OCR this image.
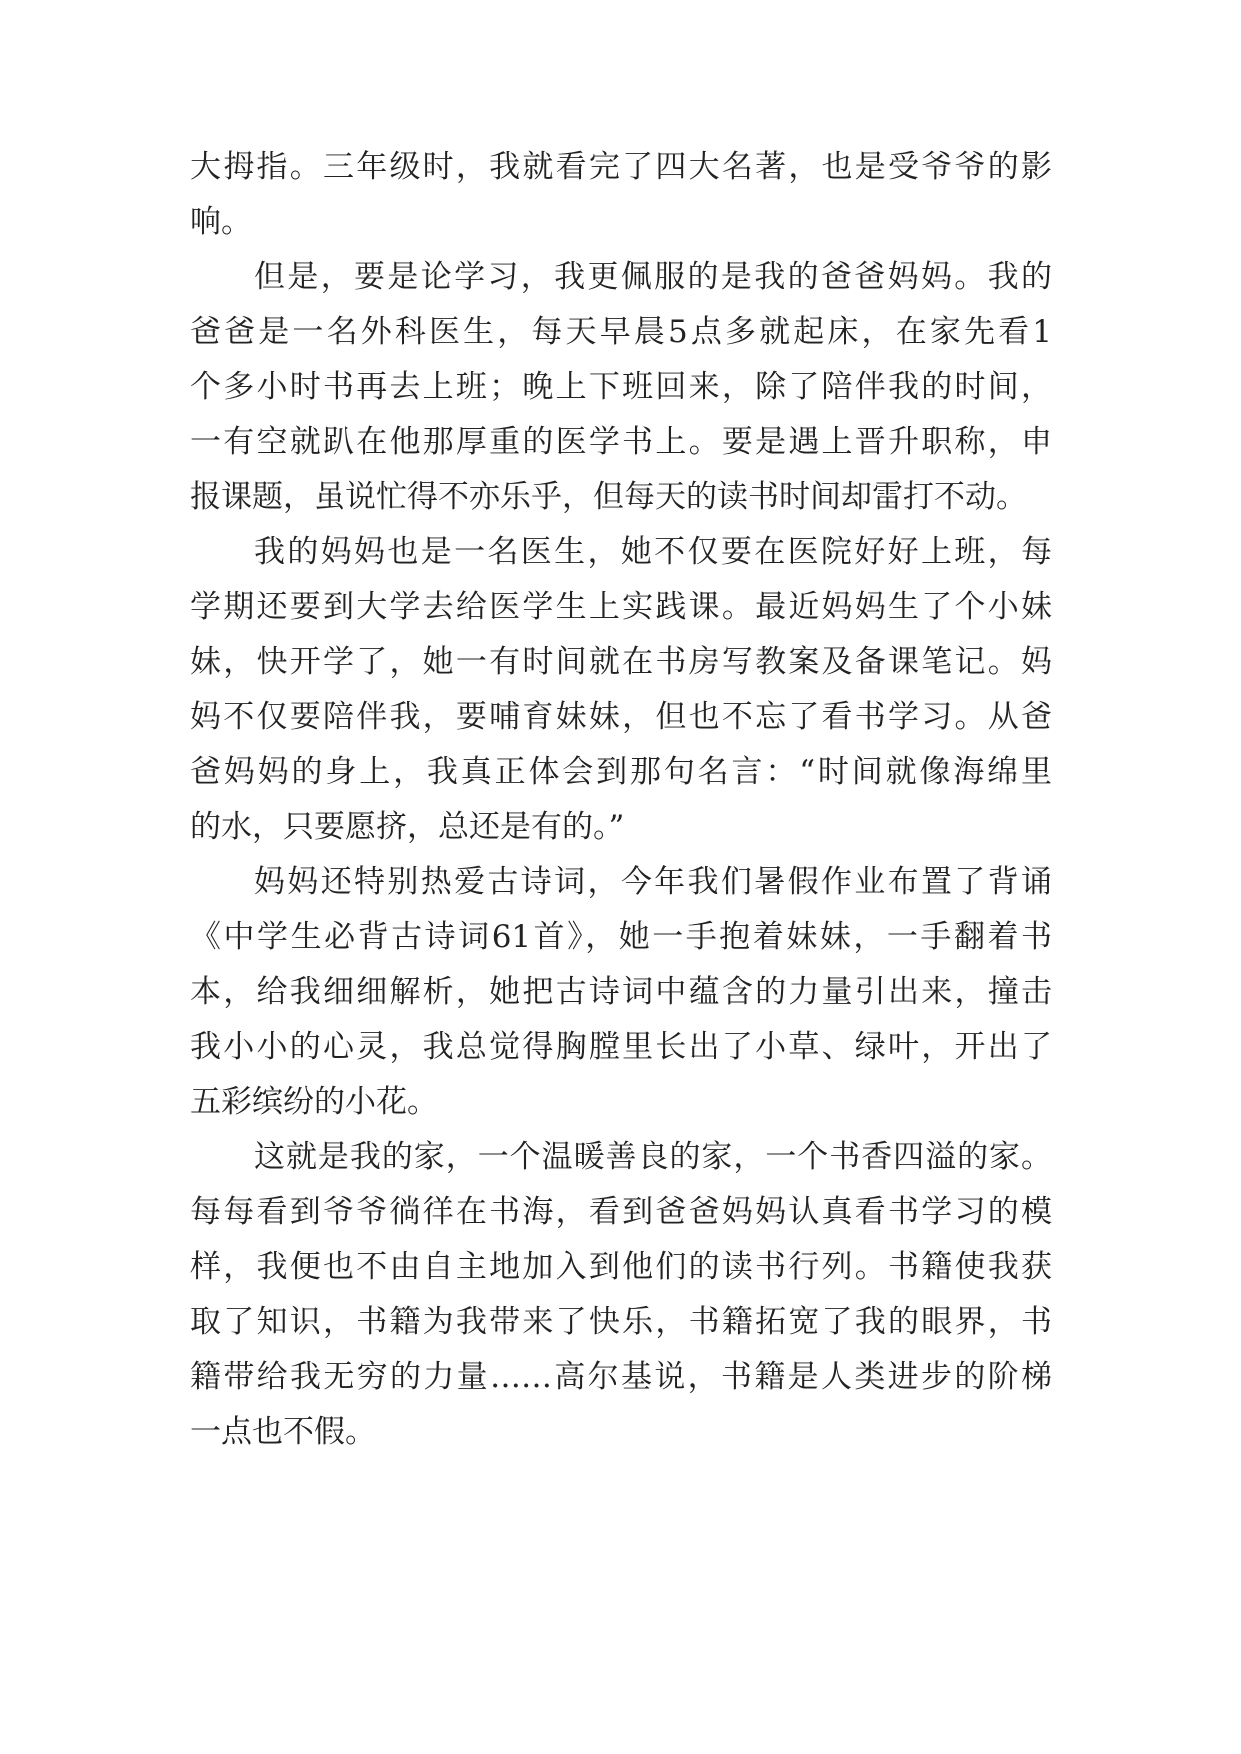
大拇指。三年级时，我就看完了四大名著，也是受爷爷的影
响。
但是，要是论学习，我更佩服的是我的爸爸妈妈。我的
爸爸是一名外科医生，每天早晨5点多就起床，在家先看1
个多小时书再去上班；晚上下班回来，除了陪伴我的时间，
一有空就趴在他那厚重的医学书上。要是遇上晋升职称，申
报课题，虽说忙得不亦乐乎，但每天的读书时间却雷打不动。
我的妈妈也是一名医生，她不仅要在医院好好上班，每
学期还要到大学去给医学生上实践课。最近妈妈生了个小妹
妹，快开学了，她一有时间就在书房写教案及备课笔记。妈
妈不仅要陪伴我，要哺育妹妹，但也不忘了看书学习。从爸
爸妈妈的身上，我真正体会到那句名言：“时间就像海绵里
的水，只要愿挤，总还是有的。”
妈妈还特别热爱古诗词，今年我们暑假作业布置了背诵
《中学生必背古诗词61首》，她一手抱着妹妹，一手翻着书
本，给我细细解析，她把古诗词中蕴含的力量引出来，撞击
我小小的心灵，我总觉得胸膛里长出了小草、绿叶，开出了
五彩缤纷的小花。
这就是我的家，一个温暖善良的家，一个书香四溢的家。
每每看到爷爷徜徉在书海，看到爸爸妈妈认真看书学习的模
样，我便也不由自主地加入到他们的读书行列。书籍使我获
取了知识，书籍为我带来了快乐，书籍拓宽了我的眼界，书
籍带给我无穷的力量……高尔基说，书籍是人类进步的阶梯
一点也不假。
